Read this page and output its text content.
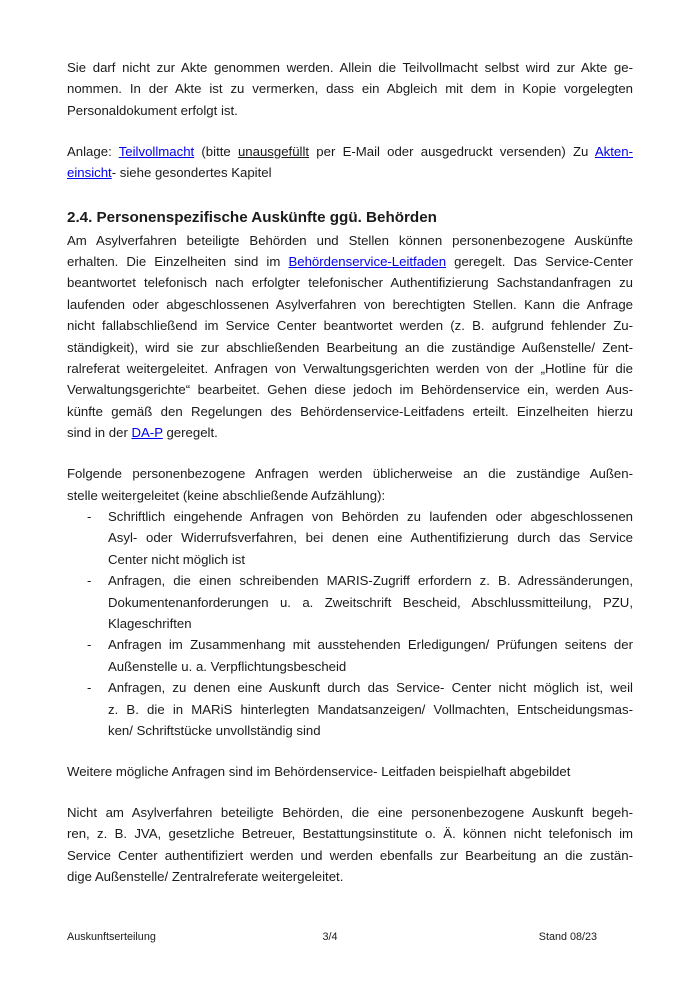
Sie darf nicht zur Akte genommen werden. Allein die Teilvollmacht selbst wird zur Akte ge-
nommen. In der Akte ist zu vermerken, dass ein Abgleich mit dem in Kopie vorgelegten
Personaldokument erfolgt ist.
Anlage: Teilvollmacht (bitte unausgefüllt per E-Mail oder ausgedruckt versenden) Zu Akten-
einsicht- siehe gesondertes Kapitel
2.4. Personenspezifische Auskünfte ggü. Behörden
Am Asylverfahren beteiligte Behörden und Stellen können personenbezogene Auskünfte
erhalten. Die Einzelheiten sind im Behördenservice-Leitfaden geregelt. Das Service-Center
beantwortet telefonisch nach erfolgter telefonischer Authentifizierung Sachstandanfragen zu
laufenden oder abgeschlossenen Asylverfahren von berechtigten Stellen. Kann die Anfrage
nicht fallabschließend im Service Center beantwortet werden (z. B. aufgrund fehlender Zu-
ständigkeit), wird sie zur abschließenden Bearbeitung an die zuständige Außenstelle/ Zent-
ralreferat weitergeleitet. Anfragen von Verwaltungsgerichten werden von der „Hotline für die
Verwaltungsgerichte“ bearbeitet. Gehen diese jedoch im Behördenservice ein, werden Aus-
künfte gemäß den Regelungen des Behördenservice-Leitfadens erteilt. Einzelheiten hierzu
sind in der DA-P geregelt.
Folgende personenbezogene Anfragen werden üblicherweise an die zuständige Außen-
stelle weitergeleitet (keine abschließende Aufzählung):
- Schriftlich eingehende Anfragen von Behörden zu laufenden oder abgeschlossenen
Asyl- oder Widerrufsverfahren, bei denen eine Authentifizierung durch das Service
Center nicht möglich ist
- Anfragen, die einen schreibenden MARIS-Zugriff erfordern z. B. Adressänderungen,
Dokumentenanforderungen u. a. Zweitschrift Bescheid, Abschlussmitteilung, PZU,
Klageschriften
- Anfragen im Zusammenhang mit ausstehenden Erledigungen/ Prüfungen seitens der
Außenstelle u. a. Verpflichtungsbescheid
- Anfragen, zu denen eine Auskunft durch das Service- Center nicht möglich ist, weil
z. B. die in MARiS hinterlegten Mandatsanzeigen/ Vollmachten, Entscheidungsmas-
ken/ Schriftstücke unvollständig sind
Weitere mögliche Anfragen sind im Behördenservice- Leitfaden beispielhaft abgebildet
Nicht am Asylverfahren beteiligte Behörden, die eine personenbezogene Auskunft begeh-
ren, z. B. JVA, gesetzliche Betreuer, Bestattungsinstitute o. Ä. können nicht telefonisch im
Service Center authentifiziert werden und werden ebenfalls zur Bearbeitung an die zustän-
dige Außenstelle/ Zentralreferate weitergeleitet.
Auskunftserteilung	3/4	Stand 08/23
